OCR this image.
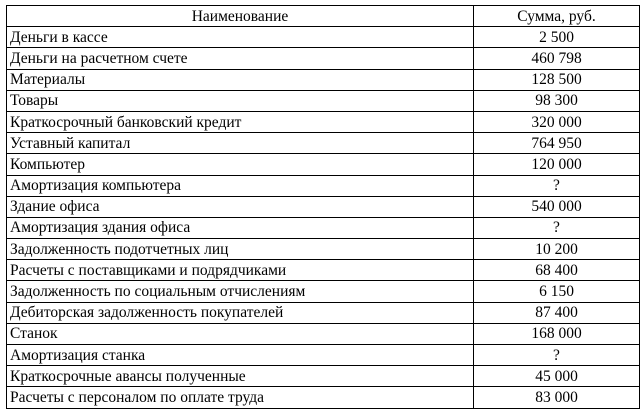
Наименование	Сумма, руб.
Деньги в кассе	2 500
Деньги на расчетном счете	460 798
Материалы	128 500
Товары	98 300
Краткосрочный банковский кредит	320 000
Уставный капитал	764 950
Компьютер	120 000
Амортизация компьютера	?
Здание офиса	540 000
Амортизация здания офиса	?
Задолженность подотчетных лиц	10 200
Расчеты с поставщиками и подрядчиками	68 400
Задолженность по социальным отчислениям	6 150
Дебиторская задолженность покупателей	87 400
Станок	168 000
Амортизация станка	?
Краткосрочные авансы полученные	45 000
Расчеты с персоналом по оплате труда	83 000
